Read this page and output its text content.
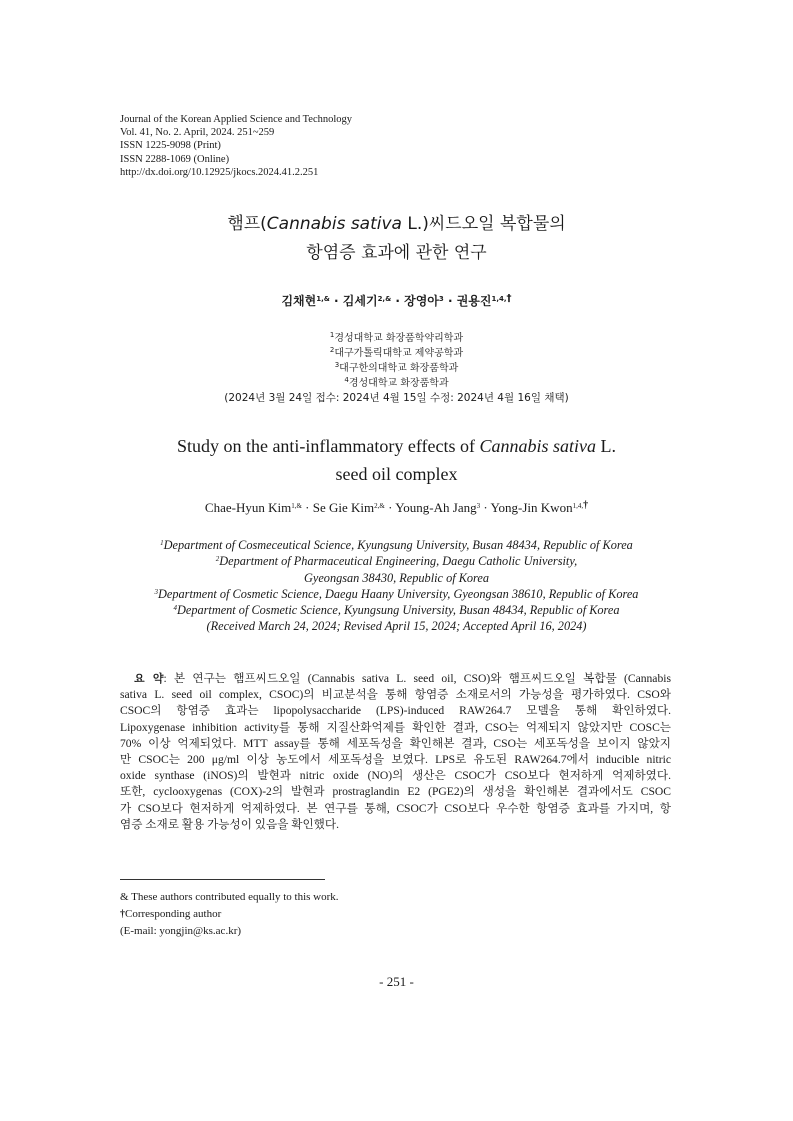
Journal of the Korean Applied Science and Technology
Vol. 41, No. 2. April, 2024. 251~259
ISSN 1225-9098 (Print)
ISSN 2288-1069 (Online)
http://dx.doi.org/10.12925/jkocs.2024.41.2.251
햄프(Cannabis sativa L.)씨드오일 복합물의
항염증 효과에 관한 연구
김채현$^{1,\&}$ · 김세기$^{2,\&}$ · 장영아$^3$ · 권용진$^{1,4,\dagger}$
$^1$경성대학교 화장품학약리학과
$^2$대구가톨릭대학교 제약공학과
$^3$대구한의대학교 화장품학과
$^4$경성대학교 화장품학과
(2024년 3월 24일 접수: 2024년 4월 15일 수정: 2024년 4월 16일 채택)
Study on the anti-inflammatory effects of Cannabis sativa L.
seed oil complex
Chae-Hyun Kim$^{1,\&}$ · Se Gie Kim$^{2,\&}$ · Young-Ah Jang$^3$ · Yong-Jin Kwon$^{1,4,\dagger}$
$^1$Department of Cosmeceutical Science, Kyungsung University, Busan 48434, Republic of Korea
$^2$Department of Pharmaceutical Engineering, Daegu Catholic University,
Gyeongsan 38430, Republic of Korea
$^3$Department of Cosmetic Science, Daegu Haany University, Gyeongsan 38610, Republic of Korea
$^4$Department of Cosmetic Science, Kyungsung University, Busan 48434, Republic of Korea
(Received March 24, 2024; Revised April 15, 2024; Accepted April 16, 2024)
요 약: 본 연구는 햄프씨드오일 (Cannabis sativa L. seed oil, CSO)와 햄프씨드오일 복합물 (Cannabis
sativa L. seed oil complex, CSOC)의 비교분석을 통해 항염증 소재로서의 가능성을 평가하였다. CSO와
CSOC의 항염증 효과는 lipopolysaccharide (LPS)-induced RAW264.7 모델을 통해 확인하였다.
Lipoxygenase inhibition activity를 통해 지질산화억제를 확인한 결과, CSO는 억제되지 않았지만 COSC는
70% 이상 억제되었다. MTT assay를 통해 세포독성을 확인해본 결과, CSO는 세포독성을 보이지 않았지
만 CSOC는 200 μg/ml 이상 농도에서 세포독성을 보였다. LPS로 유도된 RAW264.7에서 inducible nitric
oxide synthase (iNOS)의 발현과 nitric oxide (NO)의 생산은 CSOC가 CSO보다 현저하게 억제하였다.
또한, cyclooxygenas (COX)-2의 발현과 prostraglandin E2 (PGE2)의 생성을 확인해본 결과에서도 CSOC
가 CSO보다 현저하게 억제하였다. 본 연구를 통해, CSOC가 CSO보다 우수한 항염증 효과를 가지며, 항
염증 소재로 활용 가능성이 있음을 확인했다.
& These authors contributed equally to this work.
†Corresponding author
(E-mail: yongjin@ks.ac.kr)
- 251 -
